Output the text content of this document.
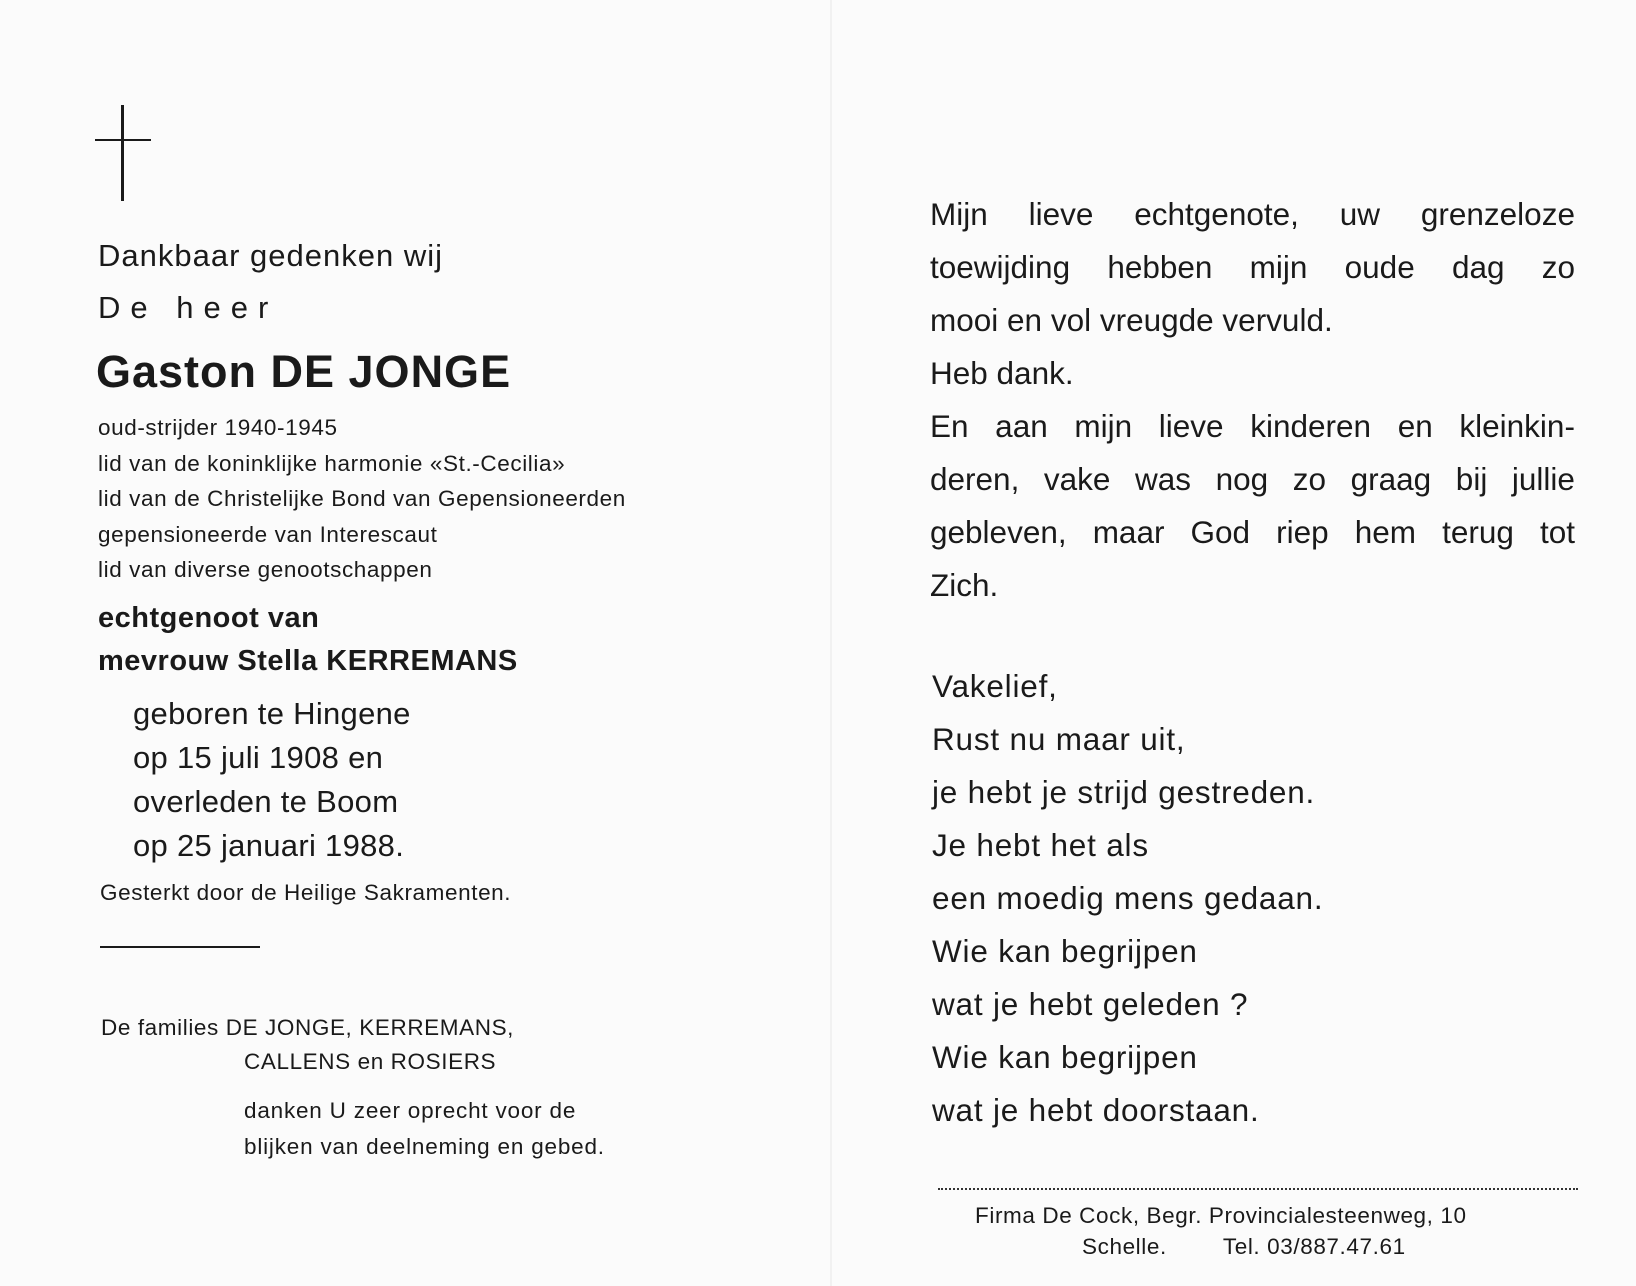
Dankbaar gedenken wij
De heer
Gaston DE JONGE
oud-strijder 1940-1945
lid van de koninklijke harmonie «St.-Cecilia»
lid van de Christelijke Bond van Gepensioneerden
gepensioneerde van Interescaut
lid van diverse genootschappen
echtgenoot van
mevrouw Stella KERREMANS
geboren te Hingene
op 15 juli 1908 en
overleden te Boom
op 25 januari 1988.
Gesterkt door de Heilige Sakramenten.
De families DE JONGE, KERREMANS,
CALLENS en ROSIERS
danken U zeer oprecht voor de
blijken van deelneming en gebed.
Mijn lieve echtgenote, uw grenzeloze
toewijding hebben mijn oude dag zo
mooi en vol vreugde vervuld.
Heb dank.
En aan mijn lieve kinderen en kleinkin-
deren, vake was nog zo graag bij jullie
gebleven, maar God riep hem terug tot
Zich.
Vakelief,
Rust nu maar uit,
je hebt je strijd gestreden.
Je hebt het als
een moedig mens gedaan.
Wie kan begrijpen
wat je hebt geleden ?
Wie kan begrijpen
wat je hebt doorstaan.
Firma De Cock, Begr. Provincialesteenweg, 10
Schelle. Tel. 03/887.47.61
